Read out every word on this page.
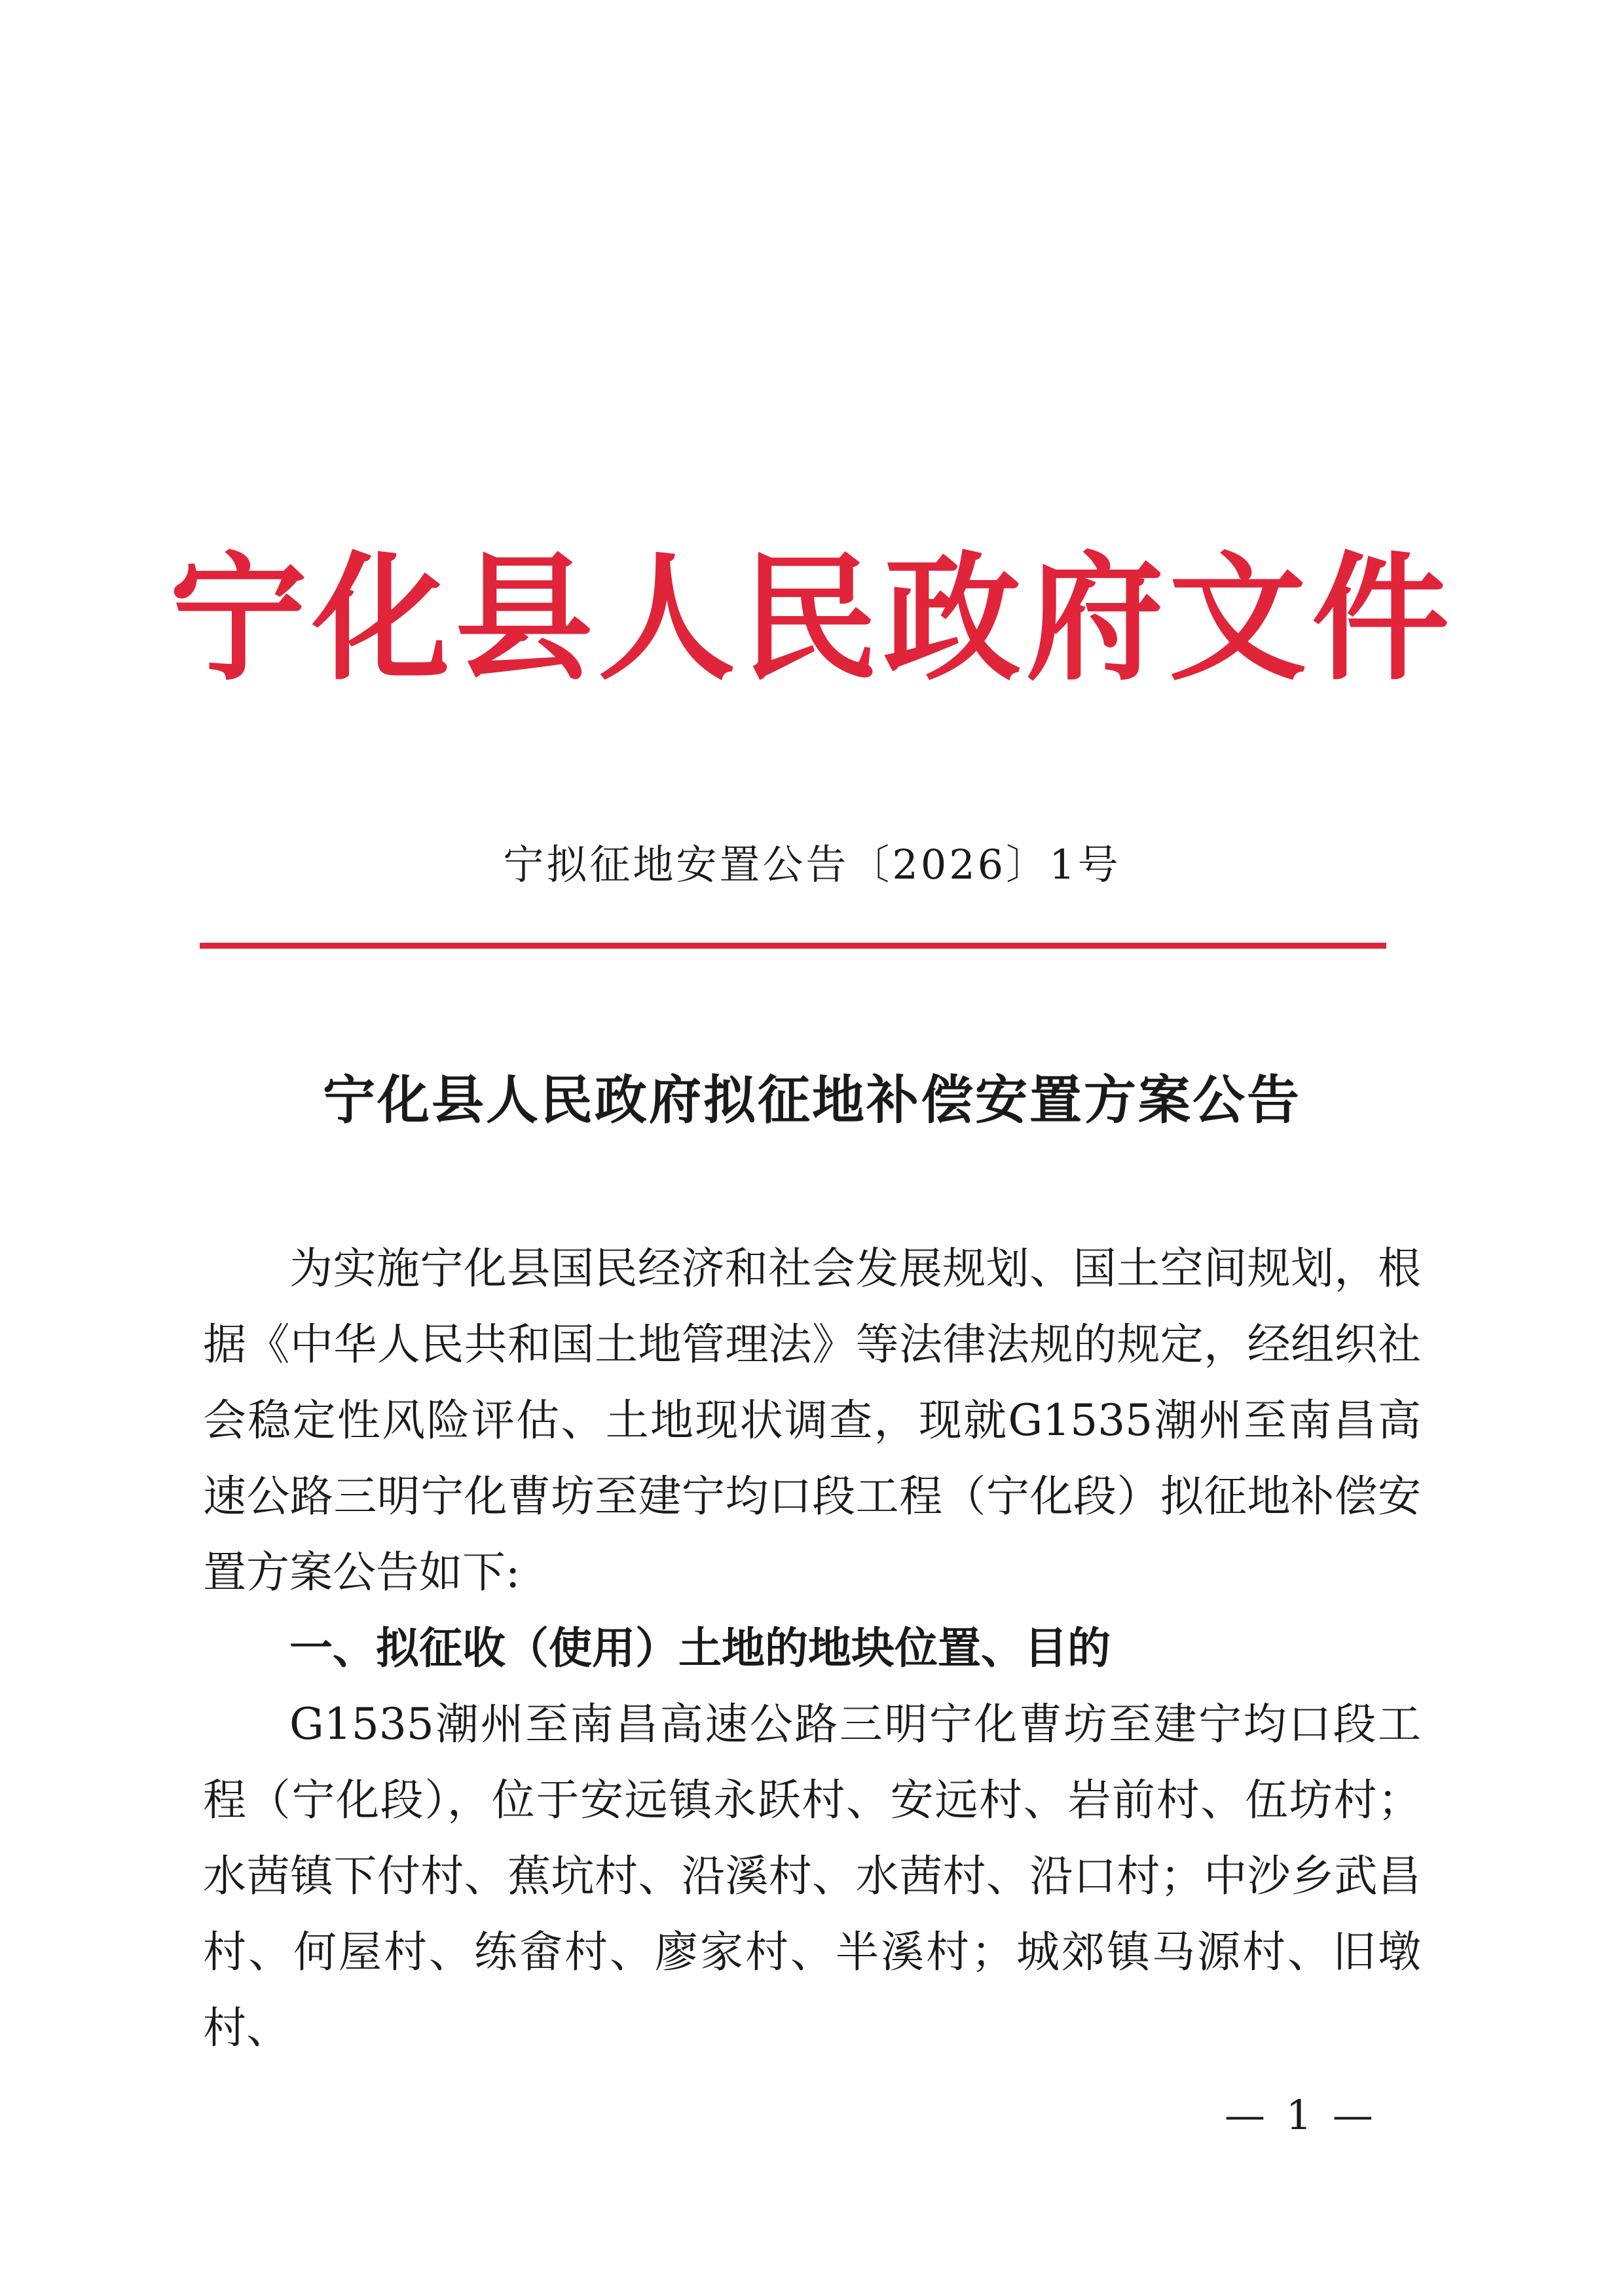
宁化县人民政府文件
宁拟征地安置公告〔2026〕1号
宁化县人民政府拟征地补偿安置方案公告

为实施宁化县国民经济和社会发展规划、国土空间规划，根据《中华人民共和国土地管理法》等法律法规的规定，经组织社会稳定性风险评估、土地现状调查，现就G1535潮州至南昌高速公路三明宁化曹坊至建宁均口段工程（宁化段）拟征地补偿安置方案公告如下:

一、拟征收（使用）土地的地块位置、目的

G1535潮州至南昌高速公路三明宁化曹坊至建宁均口段工程（宁化段），位于安远镇永跃村、安远村、岩前村、伍坊村；水茜镇下付村、蕉坑村、沿溪村、水茜村、沿口村；中沙乡武昌村、何屋村、练畲村、廖家村、半溪村；城郊镇马源村、旧墩村、

— 1 —
